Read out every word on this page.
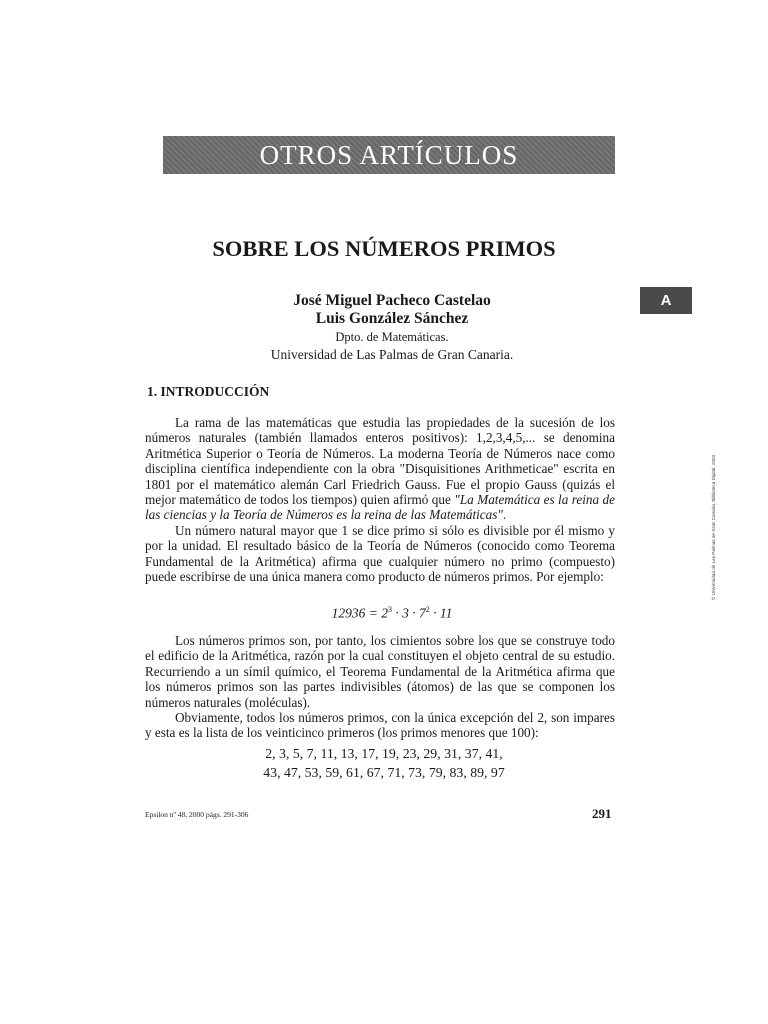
OTROS ARTÍCULOS
SOBRE LOS NÚMEROS PRIMOS
José Miguel Pacheco Castelao
Luis González Sánchez
Dpto. de Matemáticas.
Universidad de Las Palmas de Gran Canaria.
A
© Universidad de Las Palmas de Gran Canaria. Biblioteca Digital, 2004
1. INTRODUCCIÓN

La rama de las matemáticas que estudia las propiedades de la sucesión de los números naturales (también llamados enteros positivos): 1,2,3,4,5,... se denomina Aritmética Superior o Teoría de Números. La moderna Teoría de Números nace como disciplina científica independiente con la obra "Disquisitiones Arithmeticae" escrita en 1801 por el matemático alemán Carl Friedrich Gauss. Fue el propio Gauss (quizás el mejor matemático de todos los tiempos) quien afirmó que "La Matemática es la reina de las ciencias y la Teoría de Números es la reina de las Matemáticas".

Un número natural mayor que 1 se dice primo si sólo es divisible por él mismo y por la unidad. El resultado básico de la Teoría de Números (conocido como Teorema Fundamental de la Aritmética) afirma que cualquier número no primo (compuesto) puede escribirse de una única manera como producto de números primos. Por ejemplo:

$12936 = 2^3 \cdot 3 \cdot 7^2 \cdot 11$

Los números primos son, por tanto, los cimientos sobre los que se construye todo el edificio de la Aritmética, razón por la cual constituyen el objeto central de su estudio. Recurriendo a un símil químico, el Teorema Fundamental de la Aritmética afirma que los números primos son las partes indivisibles (átomos) de las que se componen los números naturales (moléculas).

Obviamente, todos los números primos, con la única excepción del 2, son impares y esta es la lista de los veinticinco primeros (los primos menores que 100):

2, 3, 5, 7, 11, 13, 17, 19, 23, 29, 31, 37, 41,
43, 47, 53, 59, 61, 67, 71, 73, 79, 83, 89, 97
Epsilon nº 48, 2000 págs. 291-306	291
